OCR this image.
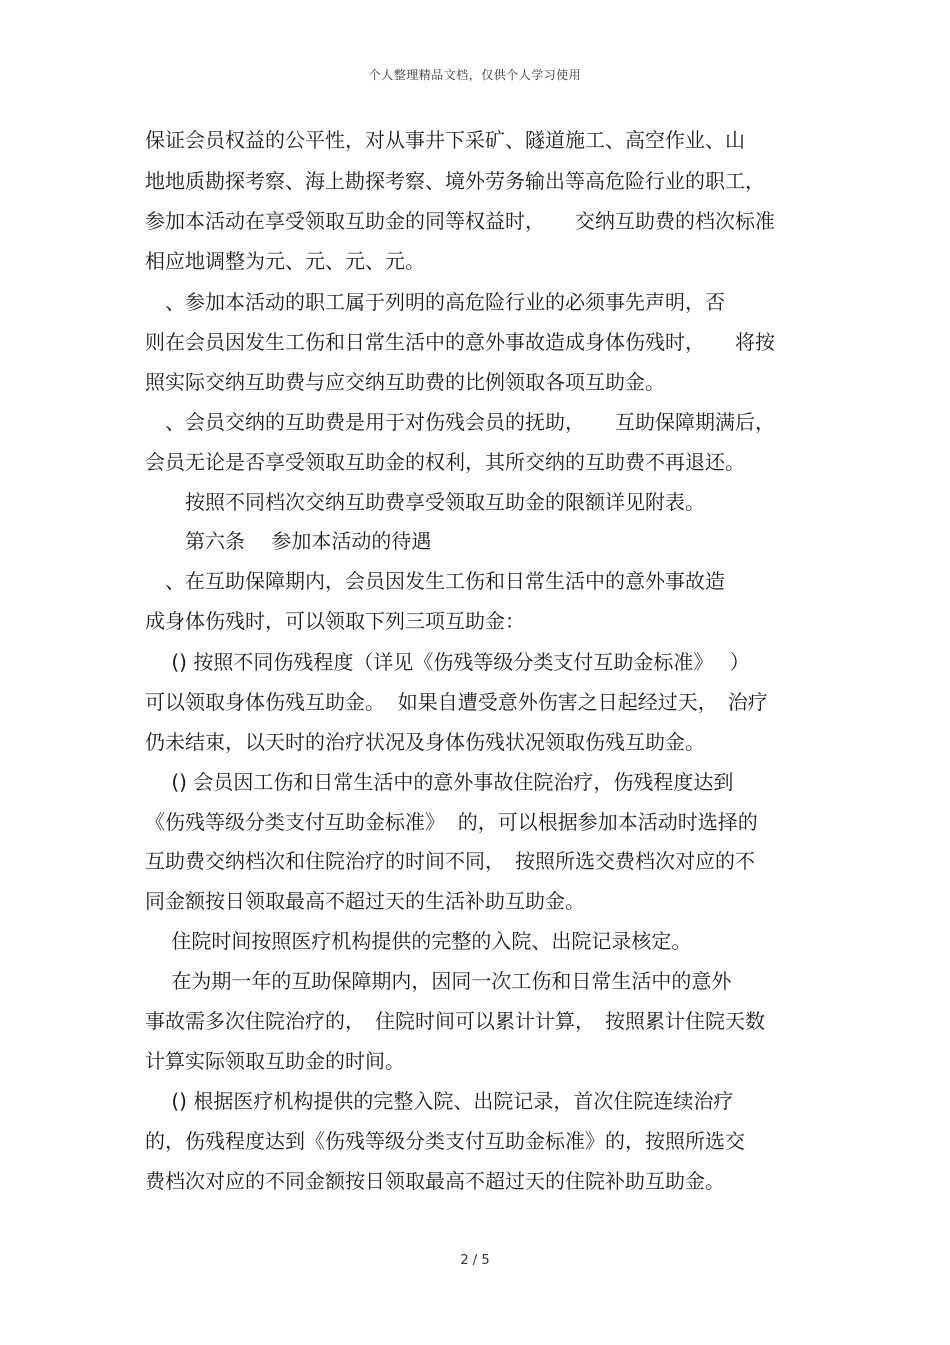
个人整理精品文档，仅供个人学习使用
保证会员权益的公平性，对从事井下采矿、隧道施工、高空作业、山
地地质勘探考察、海上勘探考察、境外劳务输出等高危险行业的职工，
参加本活动在享受领取互助金的同等权益时，　　交纳互助费的档次标准
相应地调整为元、元、元、元。
　、参加本活动的职工属于列明的高危险行业的必须事先声明，否
则在会员因发生工伤和日常生活中的意外事故造成身体伤残时，　　将按
照实际交纳互助费与应交纳互助费的比例领取各项互助金。
　、会员交纳的互助费是用于对伤残会员的抚助，　　互助保障期满后，
会员无论是否享受领取互助金的权利，其所交纳的互助费不再退还。
　　按照不同档次交纳互助费享受领取互助金的限额详见附表。
　　第六条　 参加本活动的待遇
　、在互助保障期内，会员因发生工伤和日常生活中的意外事故造
成身体伤残时，可以领取下列三项互助金：
　 () 按照不同伤残程度（详见《伤残等级分类支付互助金标准》　 ）
可以领取身体伤残互助金。  如果自遭受意外伤害之日起经过天，　治疗
仍未结束，以天时的治疗状况及身体伤残状况领取伤残互助金。
　 () 会员因工伤和日常生活中的意外事故住院治疗，伤残程度达到
《伤残等级分类支付互助金标准》  的，可以根据参加本活动时选择的
互助费交纳档次和住院治疗的时间不同，　按照所选交费档次对应的不
同金额按日领取最高不超过天的生活补助互助金。
　 住院时间按照医疗机构提供的完整的入院、出院记录核定。
　 在为期一年的互助保障期内，因同一次工伤和日常生活中的意外
事故需多次住院治疗的，　住院时间可以累计计算，　按照累计住院天数
计算实际领取互助金的时间。
　 () 根据医疗机构提供的完整入院、出院记录，首次住院连续治疗
的，伤残程度达到《伤残等级分类支付互助金标准》的，按照所选交
费档次对应的不同金额按日领取最高不超过天的住院补助互助金。
2 / 5
